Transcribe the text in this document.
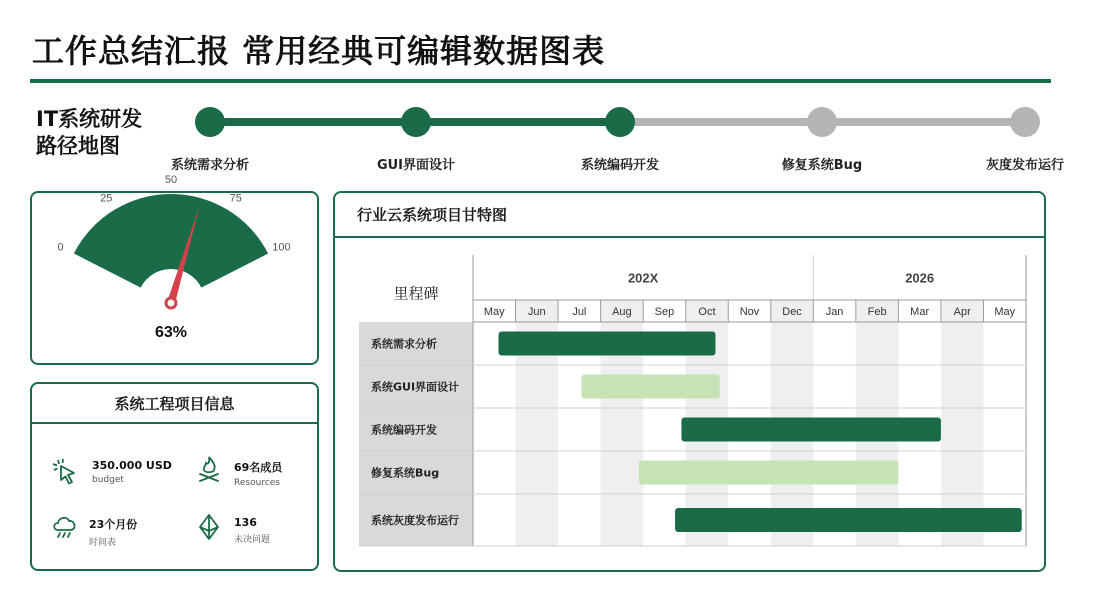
工作总结汇报 常用经典可编辑数据图表
IT系统研发
路径地图
系统需求分析	GUI界面设计	系统编码开发	修复系统Bug	灰度发布运行
0
25
50
75
100
63%
系统工程项目信息
350.000 USD
budget
69名成员
Resources
23个月份
时间表
136
未决问题
行业云系统项目甘特图
里程碑
202X	2026
May Jun Jul Aug Sep Oct Nov Dec Jan Feb Mar Apr May
系统需求分析
系统GUI界面设计
系统编码开发
修复系统Bug
系统灰度发布运行
